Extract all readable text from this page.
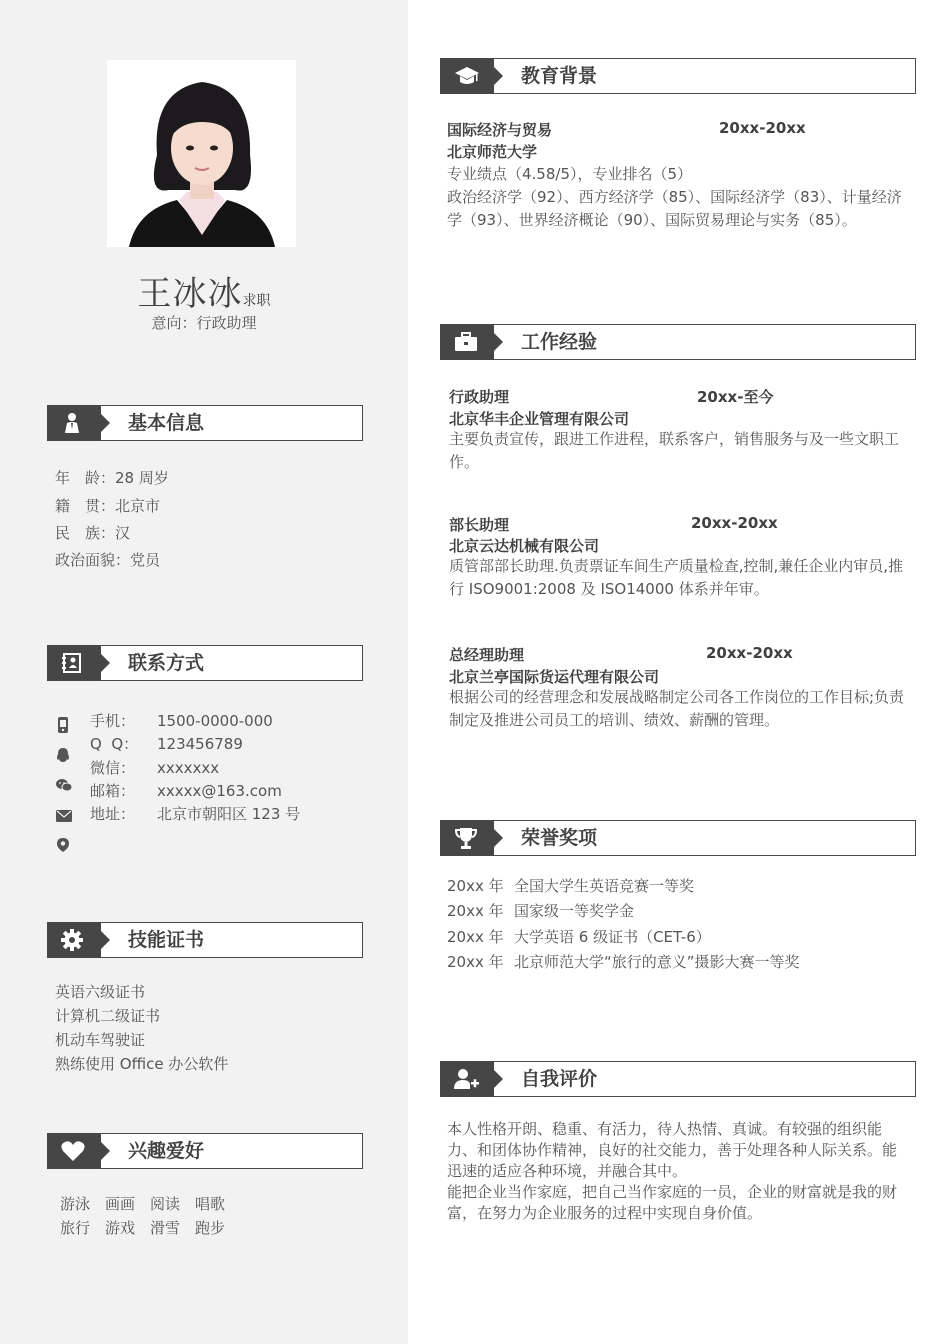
王冰冰求职
意向：行政助理
基本信息
年　龄：28 周岁
籍　贯：北京市
民　族：汉
政治面貌：党员
联系方式
手机： 1500-0000-000
Q  Q： 123456789
微信： xxxxxxx
邮箱： xxxxx@163.com
地址： 北京市朝阳区 123 号
技能证书
英语六级证书
计算机二级证书
机动车驾驶证
熟练使用 Office 办公软件
兴趣爱好
游泳 画画 阅读 唱歌
旅行 游戏 滑雪 跑步
教育背景
国际经济与贸易	20xx-20xx
北京师范大学
专业绩点（4.58/5），专业排名（5）
政治经济学（92）、西方经济学（85）、国际经济学（83）、计量经济学（93）、世界经济概论（90）、国际贸易理论与实务（85）。
工作经验
行政助理	20xx-至今
北京华丰企业管理有限公司
主要负责宣传，跟进工作进程，联系客户，销售服务与及一些文职工作。
部长助理	20xx-20xx
北京云达机械有限公司
质管部部长助理.负责票证车间生产质量检查,控制,兼任企业内审员,推行 ISO9001:2008 及 ISO14000 体系并年审。
总经理助理	20xx-20xx
北京兰亭国际货运代理有限公司
根据公司的经营理念和发展战略制定公司各工作岗位的工作目标;负责制定及推进公司员工的培训、绩效、薪酬的管理。
荣誉奖项
20xx 年 全国大学生英语竞赛一等奖
20xx 年 国家级一等奖学金
20xx 年 大学英语 6 级证书（CET-6）
20xx 年 北京师范大学“旅行的意义”摄影大赛一等奖
自我评价
本人性格开朗、稳重、有活力，待人热情、真诚。有较强的组织能力、和团体协作精神，良好的社交能力，善于处理各种人际关系。能迅速的适应各种环境，并融合其中。
能把企业当作家庭，把自己当作家庭的一员，企业的财富就是我的财富，在努力为企业服务的过程中实现自身价值。
